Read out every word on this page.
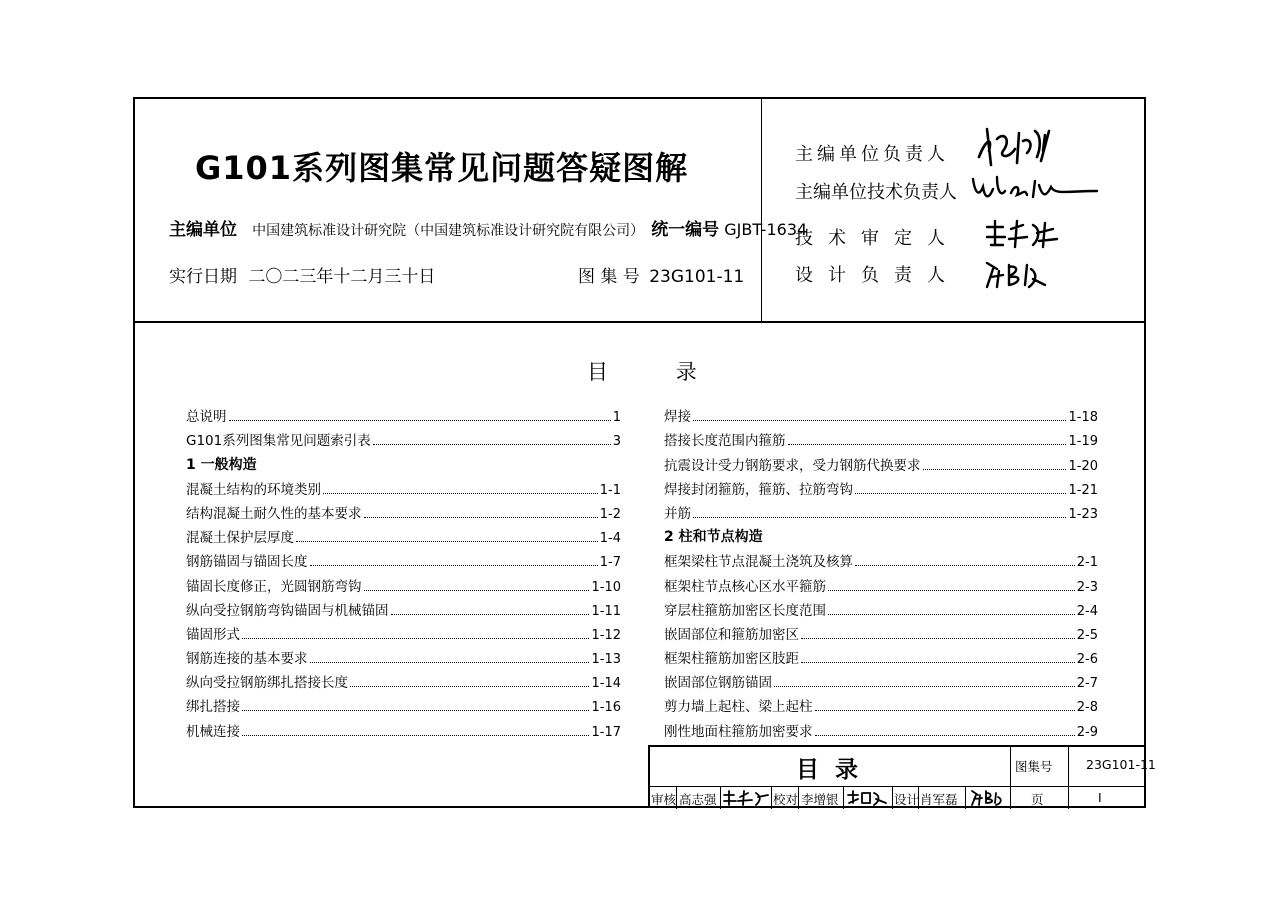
G101系列图集常见问题答疑图解
主编单位 中国建筑标准设计研究院（中国建筑标准设计研究院有限公司） 统一编号 GJBT-1634
实行日期 二〇二三年十二月三十日	图 集 号 23G101-11
主编单位负责人
主编单位技术负责人
技术审定人
设计负责人
目	录
总说明	1
G101系列图集常见问题索引表	3
1 一般构造
混凝土结构的环境类别	1-1
结构混凝土耐久性的基本要求	1-2
混凝土保护层厚度	1-4
钢筋锚固与锚固长度	1-7
锚固长度修正，光圆钢筋弯钩	1-10
纵向受拉钢筋弯钩锚固与机械锚固	1-11
锚固形式	1-12
钢筋连接的基本要求	1-13
纵向受拉钢筋绑扎搭接长度	1-14
绑扎搭接	1-16
机械连接	1-17
焊接	1-18
搭接长度范围内箍筋	1-19
抗震设计受力钢筋要求，受力钢筋代换要求	1-20
焊接封闭箍筋，箍筋、拉筋弯钩	1-21
并筋	1-23
2 柱和节点构造
框架梁柱节点混凝土浇筑及核算	2-1
框架柱节点核心区水平箍筋	2-3
穿层柱箍筋加密区长度范围	2-4
嵌固部位和箍筋加密区	2-5
框架柱箍筋加密区肢距	2-6
嵌固部位钢筋锚固	2-7
剪力墙上起柱、梁上起柱	2-8
刚性地面柱箍筋加密要求	2-9
目  录	图集号	23G101-11
审核 高志强	校对 李增银	设计 肖军磊	页	I
